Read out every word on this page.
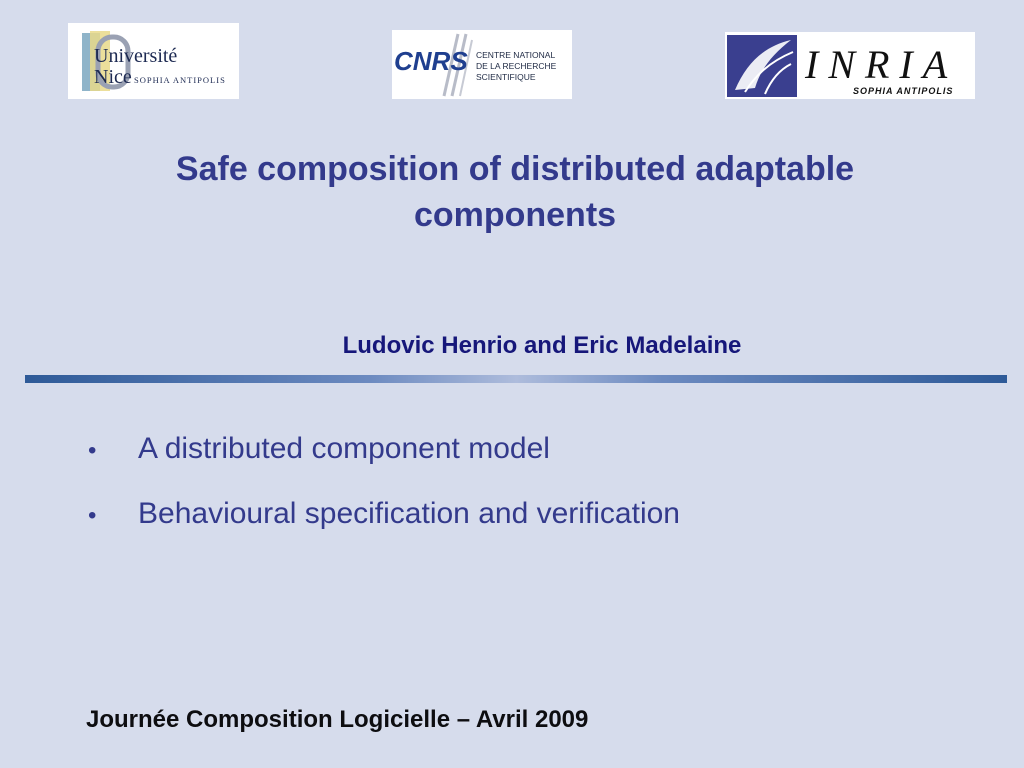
Université
Nice SOPHIA ANTIPOLIS
CNRS CENTRE NATIONAL
DE LA RECHERCHE
SCIENTIFIQUE	INRIA
SOPHIA ANTIPOLIS
Safe composition of distributed adaptable components
Ludovic Henrio and Eric Madelaine
•	A distributed component model
•	Behavioural specification and verification
Journée Composition Logicielle – Avril 2009
